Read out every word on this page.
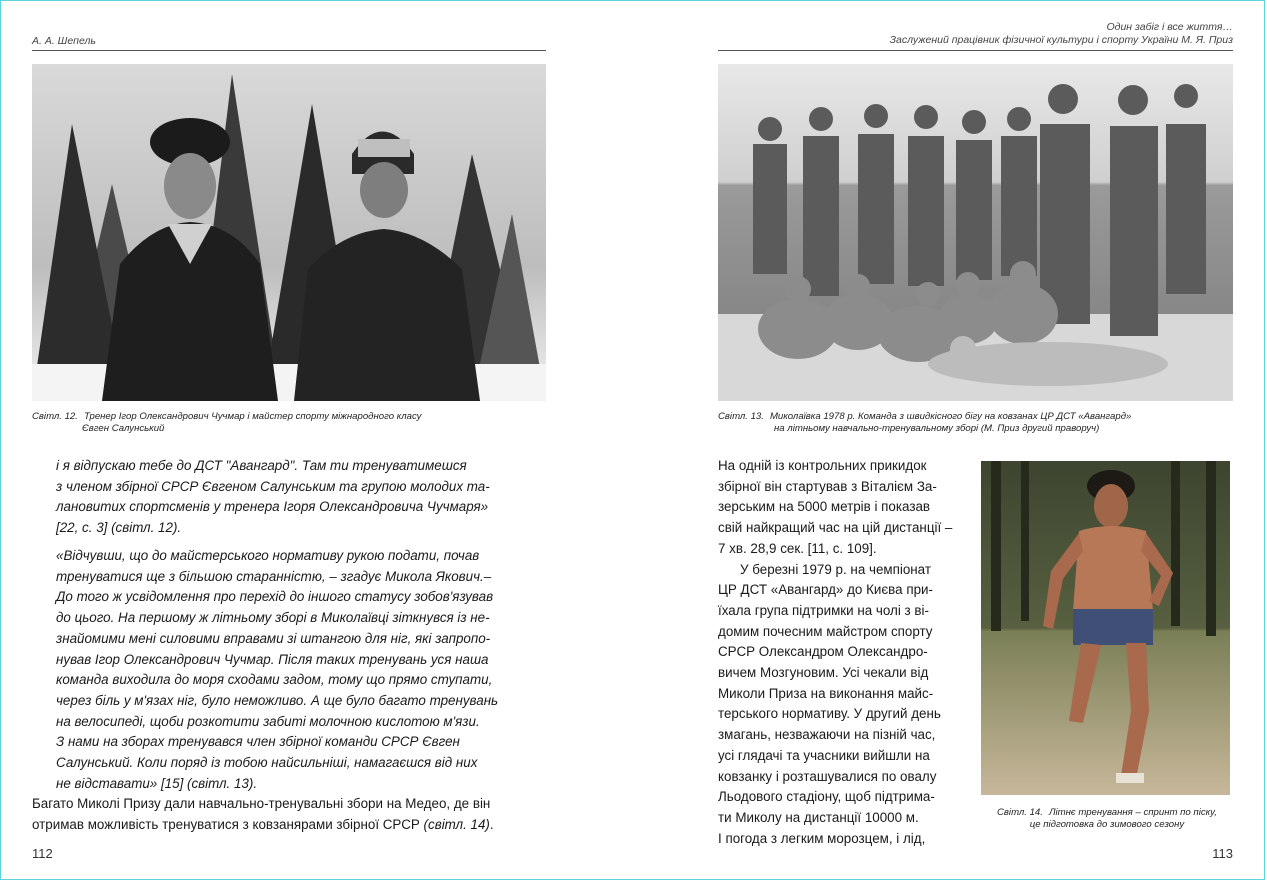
А. А. Шепель
Світл. 12. Тренер Ігор Олександрович Чучмар і майстер спорту міжнародного класу
Євген Салунський
і я відпускаю тебе до ДСТ "Авангард". Там ти тренуватимешся
з членом збірної СРСР Євгеном Салунським та групою молодих та-
лановитих спортсменів у тренера Ігоря Олександровича Чучмаря»
[22, с. 3] (світл. 12).
«Відчувши, що до майстерського нормативу рукою подати, почав
тренуватися ще з більшою старанністю, – згадує Микола Якович.–
До того ж усвідомлення про перехід до іншого статусу зобов'язував
до цього. На першому ж літньому зборі в Миколаївці зіткнувся із не-
знайомими мені силовими вправами зі штангою для ніг, які запропо-
нував Ігор Олександрович Чучмар. Після таких тренувань уся наша
команда виходила до моря сходами задом, тому що прямо ступати,
через біль у м'язах ніг, було неможливо. А ще було багато тренувань
на велосипеді, щоби розкотити забиті молочною кислотою м'язи.
З нами на зборах тренувався член збірної команди СРСР Євген
Салунський. Коли поряд із тобою найсильніші, намагаєшся від них
не відставати» [15] (світл. 13).
Багато Миколі Призу дали навчально-тренувальні збори на Медео, де він
отримав можливість тренуватися з ковзанярами збірної СРСР (світл. 14).
112
Один забіг і все життя…
Заслужений працівник фізичної культури і спорту України М. Я. Приз
Світл. 13. Миколаївка 1978 р. Команда з швидкісного бігу на ковзанах ЦР ДСТ «Авангард»
на літньому навчально-тренувальному зборі (М. Приз другий праворуч)
На одній із контрольних прикидок
збірної він стартував з Віталієм За-
зерським на 5000 метрів і показав
свій найкращий час на цій дистанції –
7 хв. 28,9 сек. [11, с. 109].
У березні 1979 р. на чемпіонат
ЦР ДСТ «Авангард» до Києва при-
їхала група підтримки на чолі з ві-
домим почесним майстром спорту
СРСР Олександром Олександро-
вичем Мозгуновим. Усі чекали від
Миколи Приза на виконання майс-
терського нормативу. У другий день
змагань, незважаючи на пізній час,
усі глядачі та учасники вийшли на
ковзанку і розташувалися по овалу
Льодового стадіону, щоб підтрима-
ти Миколу на дистанції 10000 м.
І погода з легким морозцем, і лід,
Світл. 14. Літнє тренування – спринт по піску,
це підготовка до зимового сезону
113
